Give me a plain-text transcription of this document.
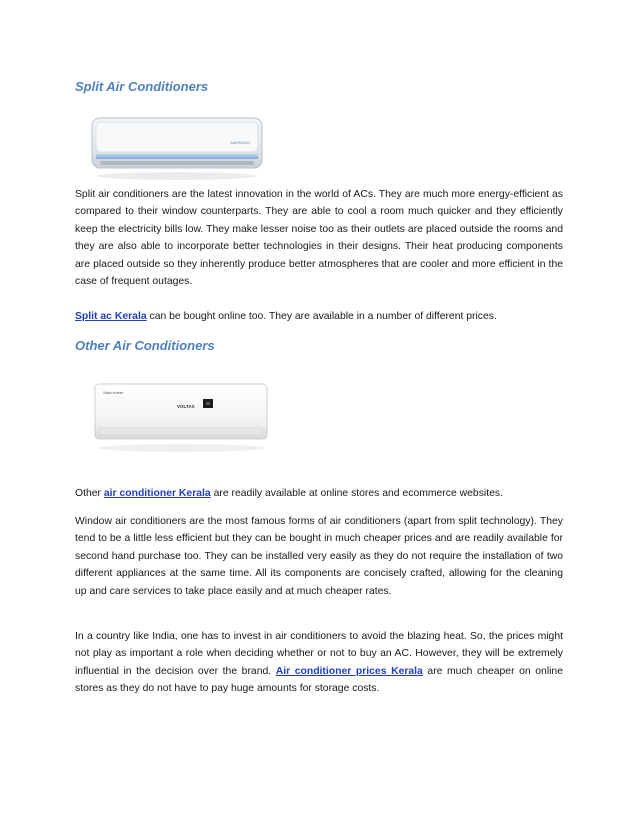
Split Air Conditioners
SAMSUNG

Split air conditioners are the latest innovation in the world of ACs. They are much more energy-efficient as compared to their window counterparts. They are able to cool a room much quicker and they efficiently keep the electricity bills low. They make lesser noise too as their outlets are placed outside the rooms and they are also able to incorporate better technologies in their designs. Their heat producing components are placed outside so they inherently produce better atmospheres that are cooler and more efficient in the case of frequent outages.

Split ac Kerala can be bought online too. They are available in a number of different prices.

Other Air Conditioners
VOLTAS
Voltas Inverter

Other air conditioner Kerala are readily available at online stores and ecommerce websites.

Window air conditioners are the most famous forms of air conditioners (apart from split technology). They tend to be a little less efficient but they can be bought in much cheaper prices and are readily available for second hand purchase too. They can be installed very easily as they do not require the installation of two different appliances at the same time. All its components are concisely crafted, allowing for the cleaning up and care services to take place easily and at much cheaper rates.

In a country like India, one has to invest in air conditioners to avoid the blazing heat. So, the prices might not play as important a role when deciding whether or not to buy an AC. However, they will be extremely influential in the decision over the brand. Air conditioner prices Kerala are much cheaper on online stores as they do not have to pay huge amounts for storage costs.
